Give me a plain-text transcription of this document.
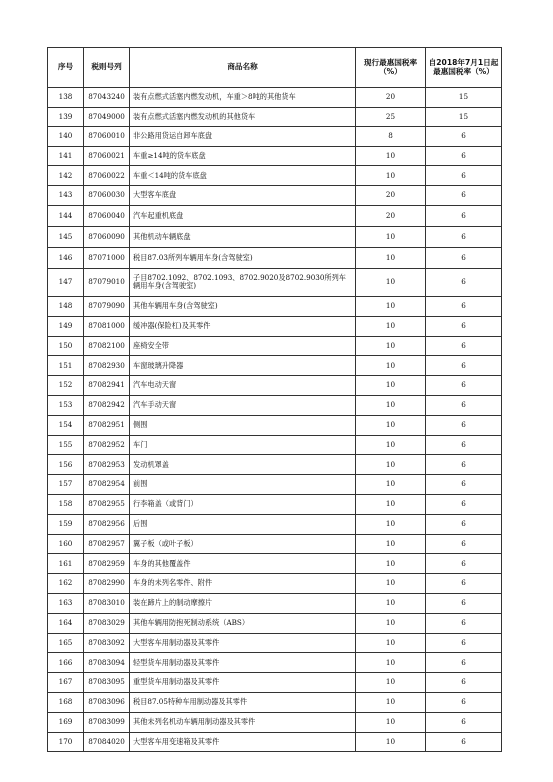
序号	税则号列	商品名称	现行最惠国税率（%）	自2018年7月1日起最惠国税率（%）
138	87043240	装有点燃式活塞内燃发动机，车重＞8吨的其他货车	20	15
139	87049000	装有点燃式活塞内燃发动机的其他货车	25	15
140	87060010	非公路用货运自卸车底盘	8	6
141	87060021	车重≥14吨的货车底盘	10	6
142	87060022	车重＜14吨的货车底盘	10	6
143	87060030	大型客车底盘	20	6
144	87060040	汽车起重机底盘	20	6
145	87060090	其他机动车辆底盘	10	6
146	87071000	税目87.03所列车辆用车身(含驾驶室)	10	6
147	87079010	子目8702.1092、8702.1093、8702.9020及8702.9030所列车辆用车身(含驾驶室)	10	6
148	87079090	其他车辆用车身(含驾驶室)	10	6
149	87081000	缓冲器(保险杠)及其零件	10	6
150	87082100	座椅安全带	10	6
151	87082930	车窗玻璃升降器	10	6
152	87082941	汽车电动天窗	10	6
153	87082942	汽车手动天窗	10	6
154	87082951	侧围	10	6
155	87082952	车门	10	6
156	87082953	发动机罩盖	10	6
157	87082954	前围	10	6
158	87082955	行李箱盖（或背门）	10	6
159	87082956	后围	10	6
160	87082957	翼子板（或叶子板）	10	6
161	87082959	车身的其他覆盖件	10	6
162	87082990	车身的未列名零件、附件	10	6
163	87083010	装在蹄片上的制动摩擦片	10	6
164	87083029	其他车辆用防抱死制动系统（ABS）	10	6
165	87083092	大型客车用制动器及其零件	10	6
166	87083094	轻型货车用制动器及其零件	10	6
167	87083095	重型货车用制动器及其零件	10	6
168	87083096	税目87.05特种车用制动器及其零件	10	6
169	87083099	其他未列名机动车辆用制动器及其零件	10	6
170	87084020	大型客车用变速箱及其零件	10	6
